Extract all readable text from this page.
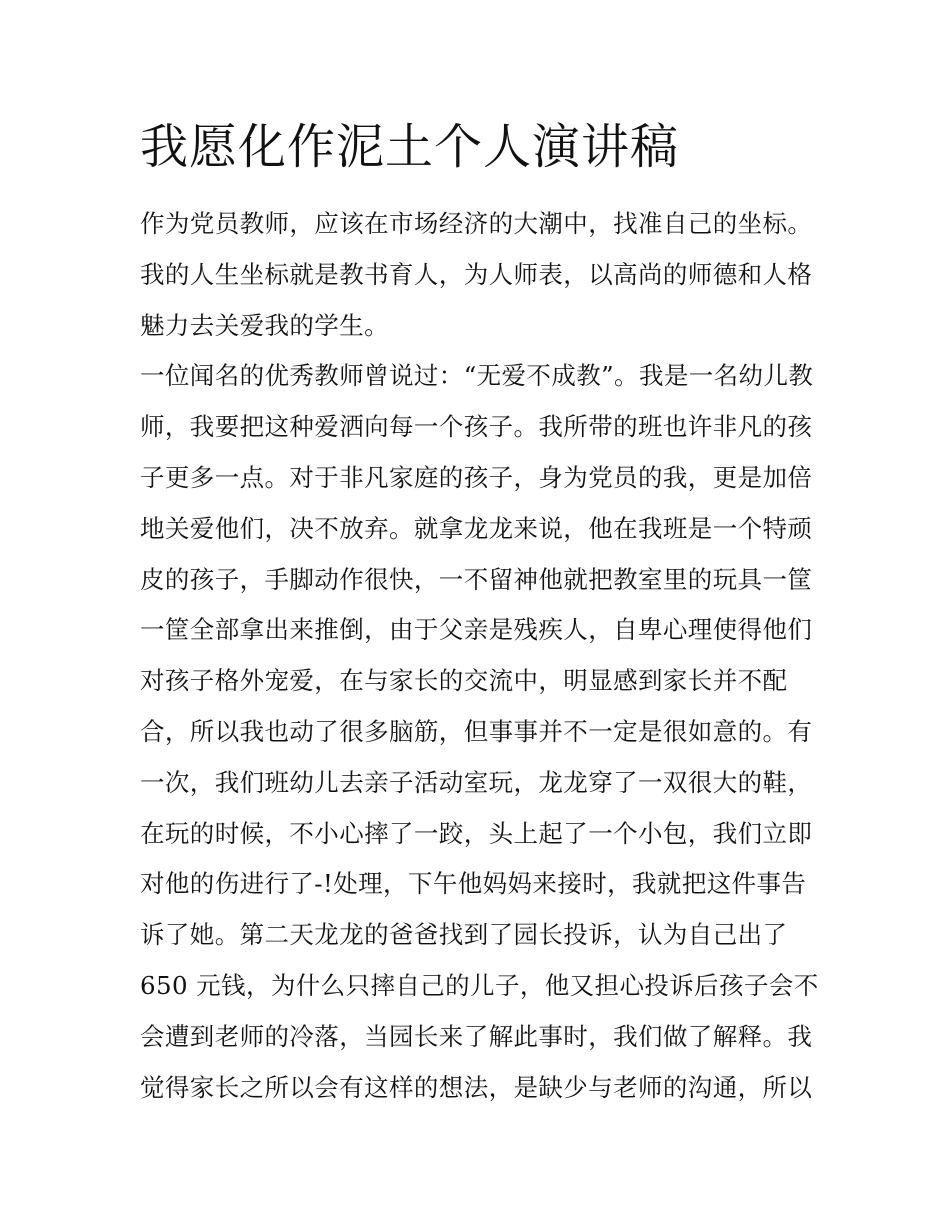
我愿化作泥土个人演讲稿
作为党员教师，应该在市场经济的大潮中，找准自己的坐标。
我的人生坐标就是教书育人，为人师表，以高尚的师德和人格
魅力去关爱我的学生。
一位闻名的优秀教师曾说过：“无爱不成教”。我是一名幼儿教
师，我要把这种爱洒向每一个孩子。我所带的班也许非凡的孩
子更多一点。对于非凡家庭的孩子，身为党员的我，更是加倍
地关爱他们，决不放弃。就拿龙龙来说，他在我班是一个特顽
皮的孩子，手脚动作很快，一不留神他就把教室里的玩具一筐
一筐全部拿出来推倒，由于父亲是残疾人，自卑心理使得他们
对孩子格外宠爱，在与家长的交流中，明显感到家长并不配
合，所以我也动了很多脑筋，但事事并不一定是很如意的。有
一次，我们班幼儿去亲子活动室玩，龙龙穿了一双很大的鞋，
在玩的时候，不小心摔了一跤，头上起了一个小包，我们立即
对他的伤进行了-!处理，下午他妈妈来接时，我就把这件事告
诉了她。第二天龙龙的爸爸找到了园长投诉，认为自己出了
650 元钱，为什么只摔自己的儿子，他又担心投诉后孩子会不
会遭到老师的冷落，当园长来了解此事时，我们做了解释。我
觉得家长之所以会有这样的想法，是缺少与老师的沟通，所以
